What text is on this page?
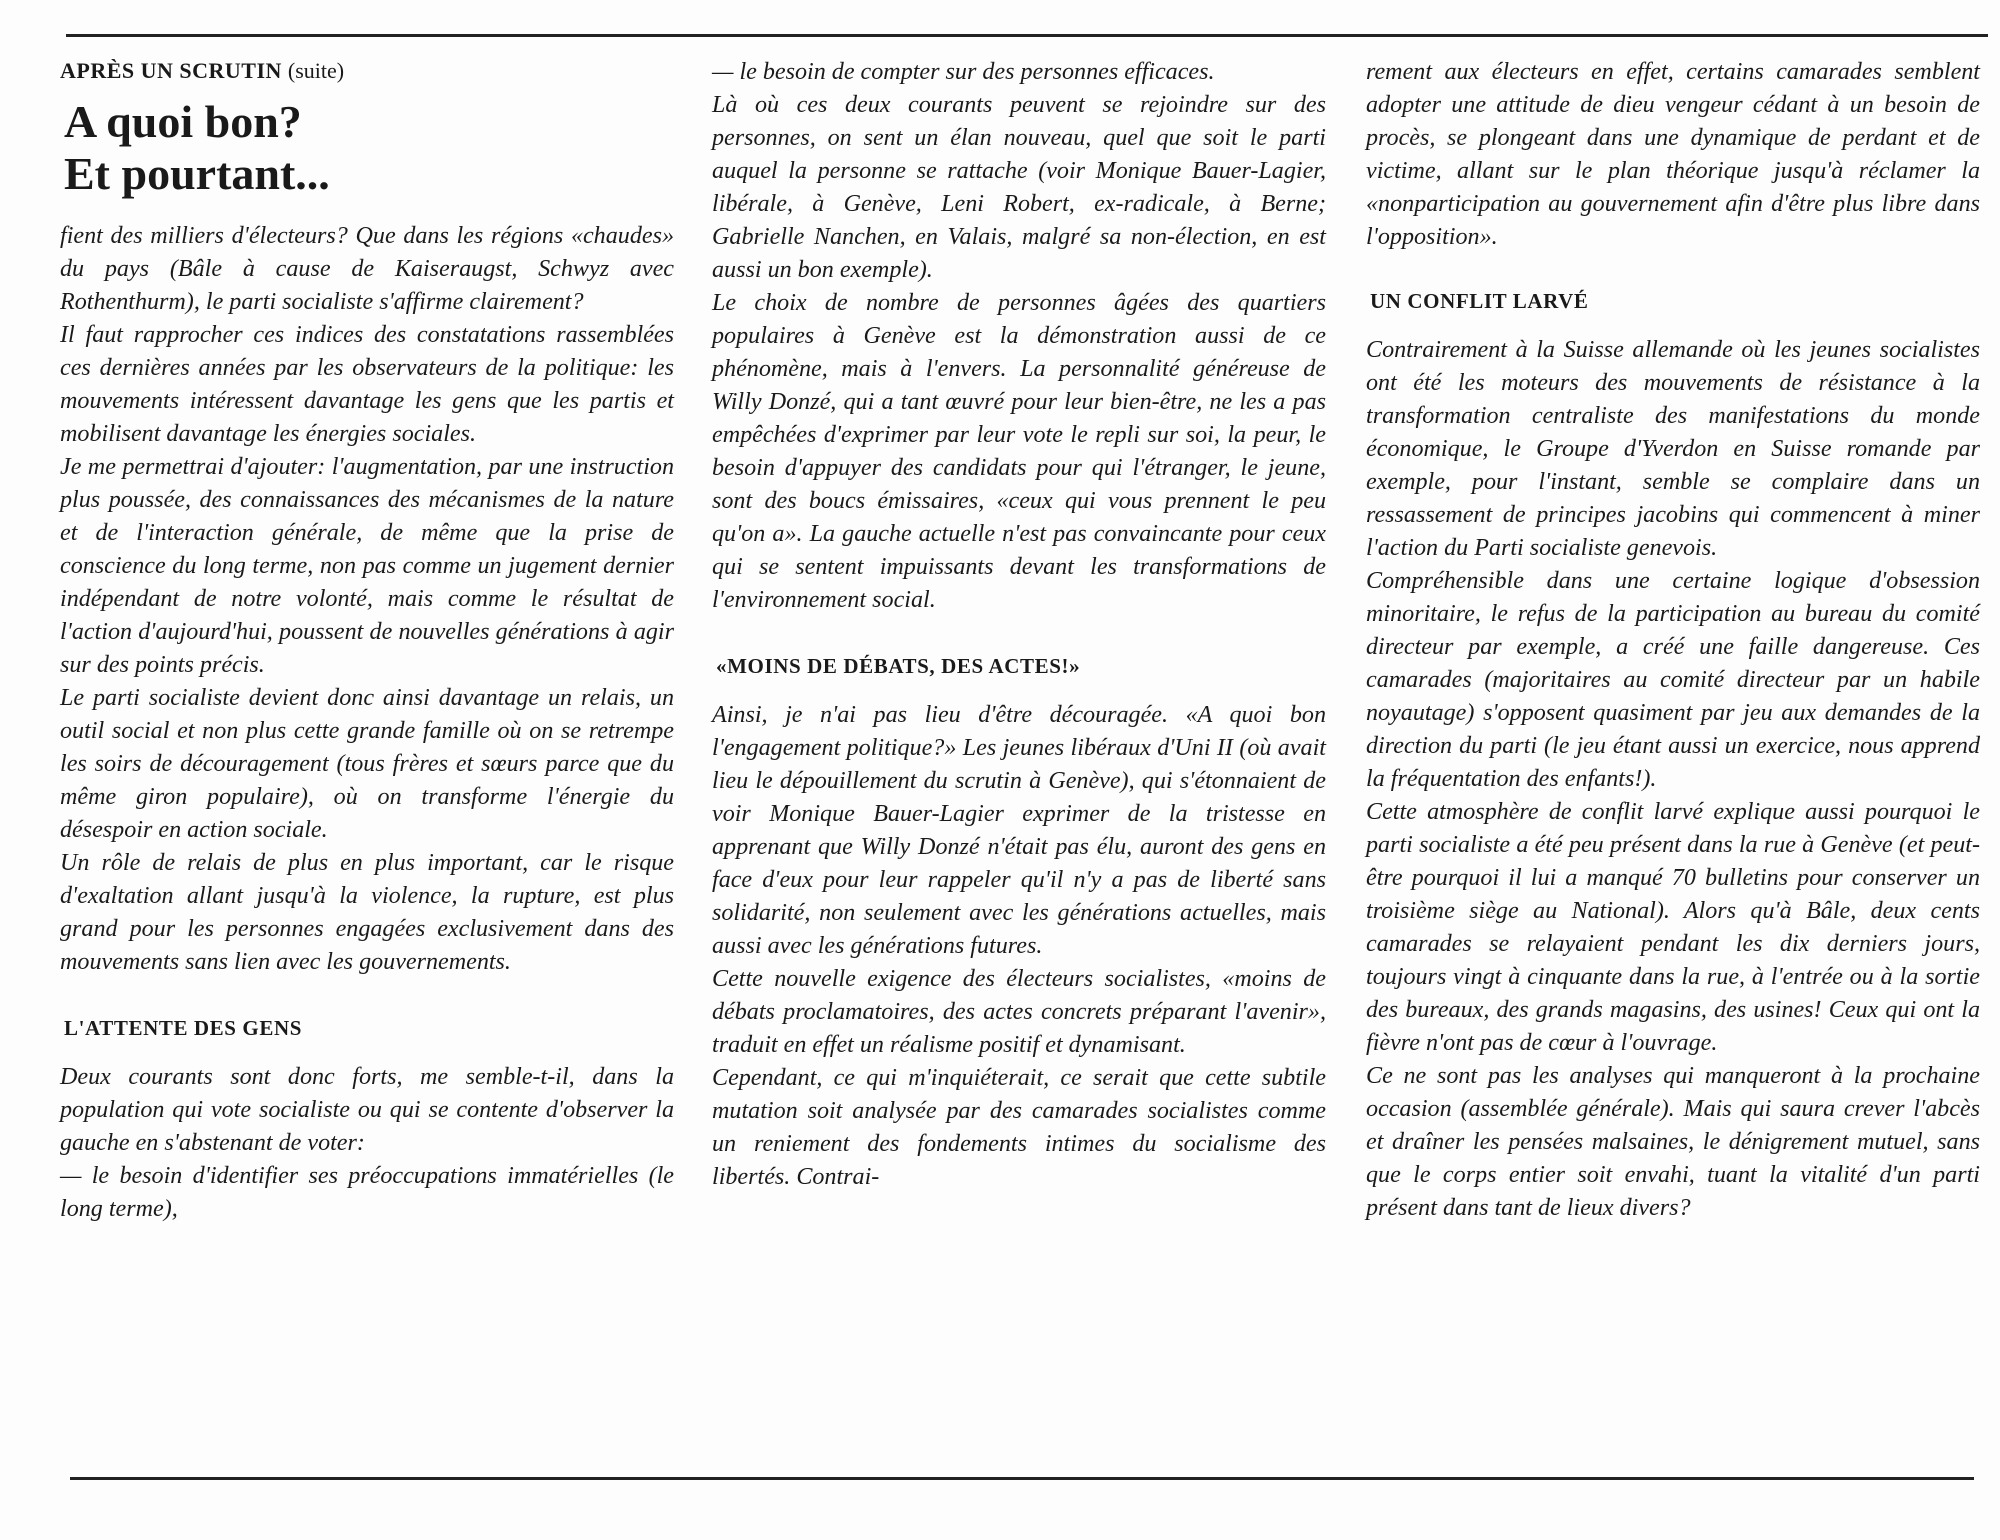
APRÈS UN SCRUTIN (suite)
A quoi bon?
Et pourtant...

fient des milliers d'électeurs? Que dans les régions «chaudes» du pays (Bâle à cause de Kaiseraugst, Schwyz avec Rothenthurm), le parti socialiste s'affirme clairement?

Il faut rapprocher ces indices des constatations rassemblées ces dernières années par les observateurs de la politique: les mouvements intéressent davantage les gens que les partis et mobilisent davantage les énergies sociales.

Je me permettrai d'ajouter: l'augmentation, par une instruction plus poussée, des connaissances des mécanismes de la nature et de l'interaction générale, de même que la prise de conscience du long terme, non pas comme un jugement dernier indépendant de notre volonté, mais comme le résultat de l'action d'aujourd'hui, poussent de nouvelles générations à agir sur des points précis.

Le parti socialiste devient donc ainsi davantage un relais, un outil social et non plus cette grande famille où on se retrempe les soirs de découragement (tous frères et sœurs parce que du même giron populaire), où on transforme l'énergie du désespoir en action sociale.

Un rôle de relais de plus en plus important, car le risque d'exaltation allant jusqu'à la violence, la rupture, est plus grand pour les personnes engagées exclusivement dans des mouvements sans lien avec les gouvernements.

L'ATTENTE DES GENS

Deux courants sont donc forts, me semble-t-il, dans la population qui vote socialiste ou qui se contente d'observer la gauche en s'abstenant de voter:

— le besoin d'identifier ses préoccupations immatérielles (le long terme),

— le besoin de compter sur des personnes efficaces.

Là où ces deux courants peuvent se rejoindre sur des personnes, on sent un élan nouveau, quel que soit le parti auquel la personne se rattache (voir Monique Bauer-Lagier, libérale, à Genève, Leni Robert, ex-radicale, à Berne; Gabrielle Nanchen, en Valais, malgré sa non-élection, en est aussi un bon exemple).

Le choix de nombre de personnes âgées des quartiers populaires à Genève est la démonstration aussi de ce phénomène, mais à l'envers. La personnalité généreuse de Willy Donzé, qui a tant œuvré pour leur bien-être, ne les a pas empêchées d'exprimer par leur vote le repli sur soi, la peur, le besoin d'appuyer des candidats pour qui l'étranger, le jeune, sont des boucs émissaires, «ceux qui vous prennent le peu qu'on a». La gauche actuelle n'est pas convaincante pour ceux qui se sentent impuissants devant les transformations de l'environnement social.

«MOINS DE DÉBATS, DES ACTES!»

Ainsi, je n'ai pas lieu d'être découragée. «A quoi bon l'engagement politique?» Les jeunes libéraux d'Uni II (où avait lieu le dépouillement du scrutin à Genève), qui s'étonnaient de voir Monique Bauer-Lagier exprimer de la tristesse en apprenant que Willy Donzé n'était pas élu, auront des gens en face d'eux pour leur rappeler qu'il n'y a pas de liberté sans solidarité, non seulement avec les générations actuelles, mais aussi avec les générations futures.

Cette nouvelle exigence des électeurs socialistes, «moins de débats proclamatoires, des actes concrets préparant l'avenir», traduit en effet un réalisme positif et dynamisant.

Cependant, ce qui m'inquiéterait, ce serait que cette subtile mutation soit analysée par des camarades socialistes comme un reniement des fondements intimes du socialisme des libertés. Contrai-

rement aux électeurs en effet, certains camarades semblent adopter une attitude de dieu vengeur cédant à un besoin de procès, se plongeant dans une dynamique de perdant et de victime, allant sur le plan théorique jusqu'à réclamer la «nonparticipation au gouvernement afin d'être plus libre dans l'opposition».

UN CONFLIT LARVÉ

Contrairement à la Suisse allemande où les jeunes socialistes ont été les moteurs des mouvements de résistance à la transformation centraliste des manifestations du monde économique, le Groupe d'Yverdon en Suisse romande par exemple, pour l'instant, semble se complaire dans un ressassement de principes jacobins qui commencent à miner l'action du Parti socialiste genevois.

Compréhensible dans une certaine logique d'obsession minoritaire, le refus de la participation au bureau du comité directeur par exemple, a créé une faille dangereuse. Ces camarades (majoritaires au comité directeur par un habile noyautage) s'opposent quasiment par jeu aux demandes de la direction du parti (le jeu étant aussi un exercice, nous apprend la fréquentation des enfants!).

Cette atmosphère de conflit larvé explique aussi pourquoi le parti socialiste a été peu présent dans la rue à Genève (et peut-être pourquoi il lui a manqué 70 bulletins pour conserver un troisième siège au National). Alors qu'à Bâle, deux cents camarades se relayaient pendant les dix derniers jours, toujours vingt à cinquante dans la rue, à l'entrée ou à la sortie des bureaux, des grands magasins, des usines! Ceux qui ont la fièvre n'ont pas de cœur à l'ouvrage.

Ce ne sont pas les analyses qui manqueront à la prochaine occasion (assemblée générale). Mais qui saura crever l'abcès et draîner les pensées malsaines, le dénigrement mutuel, sans que le corps entier soit envahi, tuant la vitalité d'un parti présent dans tant de lieux divers?
